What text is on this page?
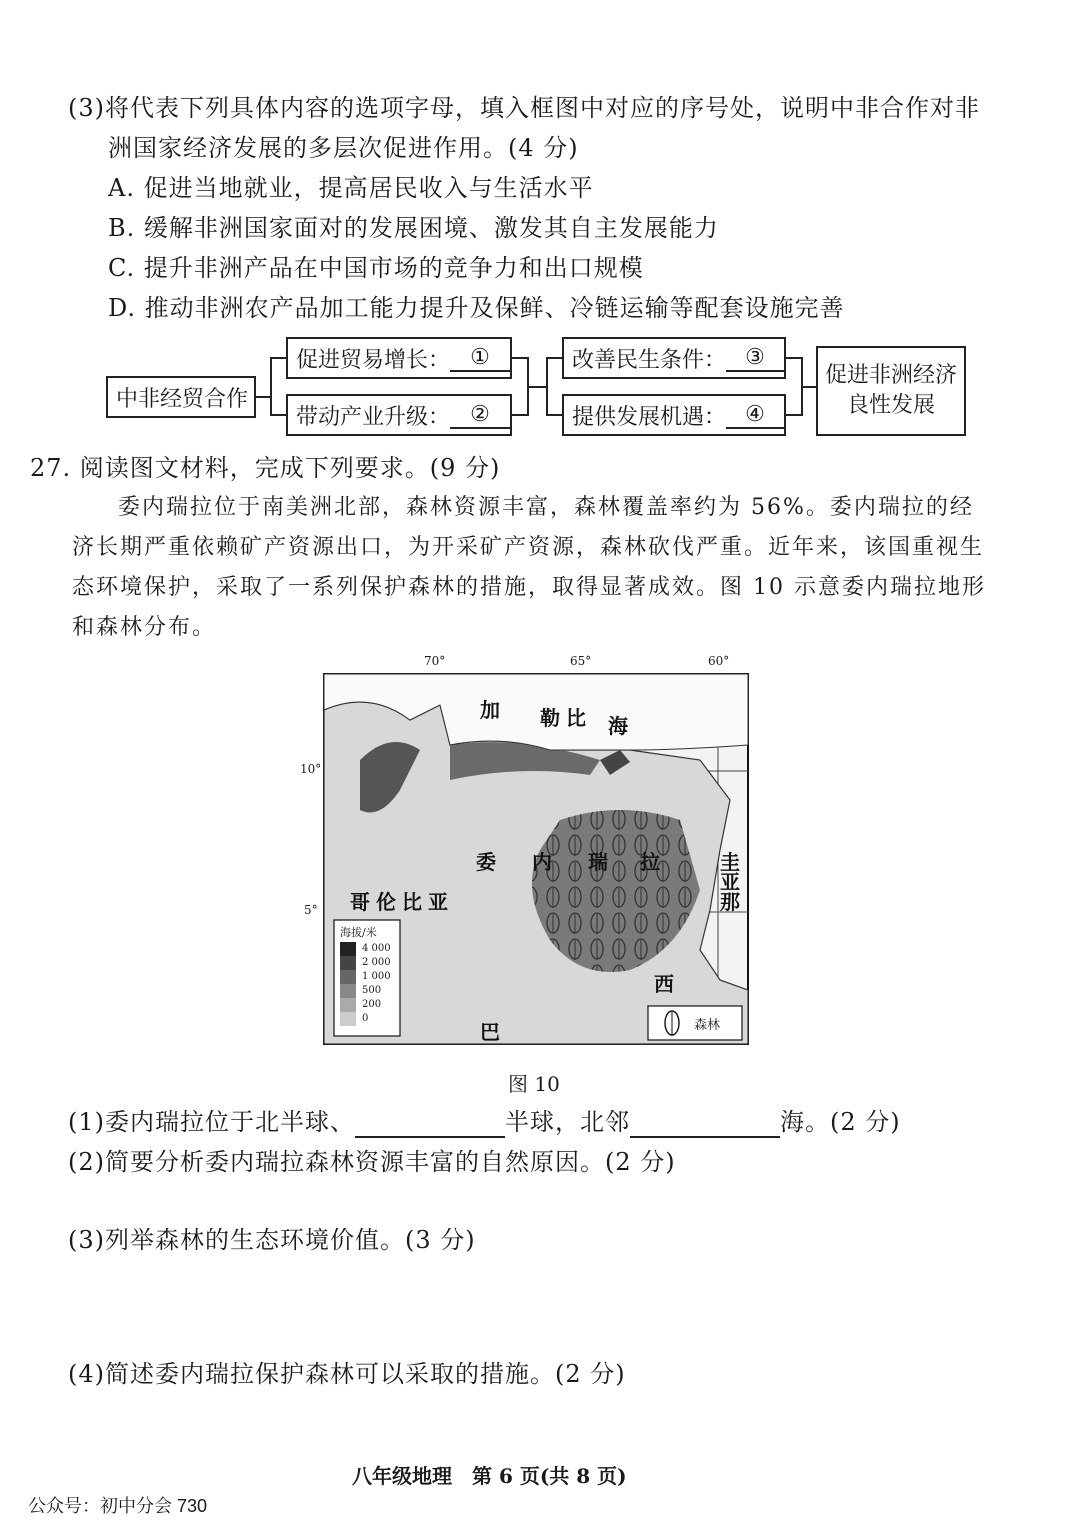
(3)将代表下列具体内容的选项字母，填入框图中对应的序号处，说明中非合作对非
洲国家经济发展的多层次促进作用。(4 分)
A. 促进当地就业，提高居民收入与生活水平
B. 缓解非洲国家面对的发展困境、激发其自主发展能力
C. 提升非洲产品在中国市场的竞争力和出口规模
D. 推动非洲农产品加工能力提升及保鲜、冷链运输等配套设施完善
中非经贸合作
促进贸易增长： ①
带动产业升级： ②
改善民生条件： ③
提供发展机遇： ④
促进非洲经济
良性发展
27. 阅读图文材料，完成下列要求。(9 分)
委内瑞拉位于南美洲北部，森林资源丰富，森林覆盖率约为 56%。委内瑞拉的经济长期严重依赖矿产资源出口，为开采矿产资源，森林砍伐严重。近年来，该国重视生态环境保护，采取了一系列保护森林的措施，取得显著成效。图 10 示意委内瑞拉地形和森林分布。
70°	65°	60°
10°
5°
加 勒 比 海
委 内 瑞 拉
哥伦比亚
圭
亚
那
巴
西
海拔/米
4 000
2 000
1 000
500
200
0	森林
图 10
(1)委内瑞拉位于北半球、	半球，北邻	海。(2 分)
(2)简要分析委内瑞拉森林资源丰富的自然原因。(2 分)
(3)列举森林的生态环境价值。(3 分)
(4)简述委内瑞拉保护森林可以采取的措施。(2 分)
八年级地理　第 6 页(共 8 页)
公众号：初中分会 730
